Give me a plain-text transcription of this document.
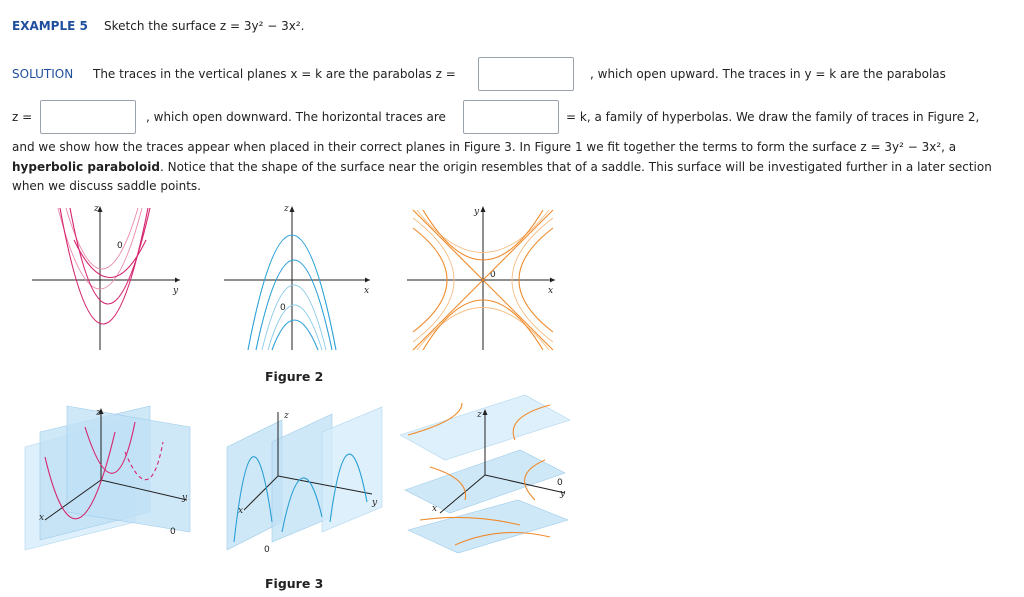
EXAMPLE 5 Sketch the surface z = 3y² − 3x².
SOLUTION The traces in the vertical planes x = k are the parabolas z =	, which open upward. The traces in y = k are the parabolas
z =	, which open downward. The horizontal traces are	= k, a family of hyperbolas. We draw the family of traces in Figure 2,
and we show how the traces appear when placed in their correct planes in Figure 3. In Figure 1 we fit together the terms to form the surface z = 3y² − 3x², a
hyperbolic paraboloid. Notice that the shape of the surface near the origin resembles that of a saddle. This surface will be investigated further in a later section
when we discuss saddle points.
z
y
0
z
x
0
y
x
0
Figure 2
z
y
x
0
z
y
x
0
z
y
x
0
Figure 3
